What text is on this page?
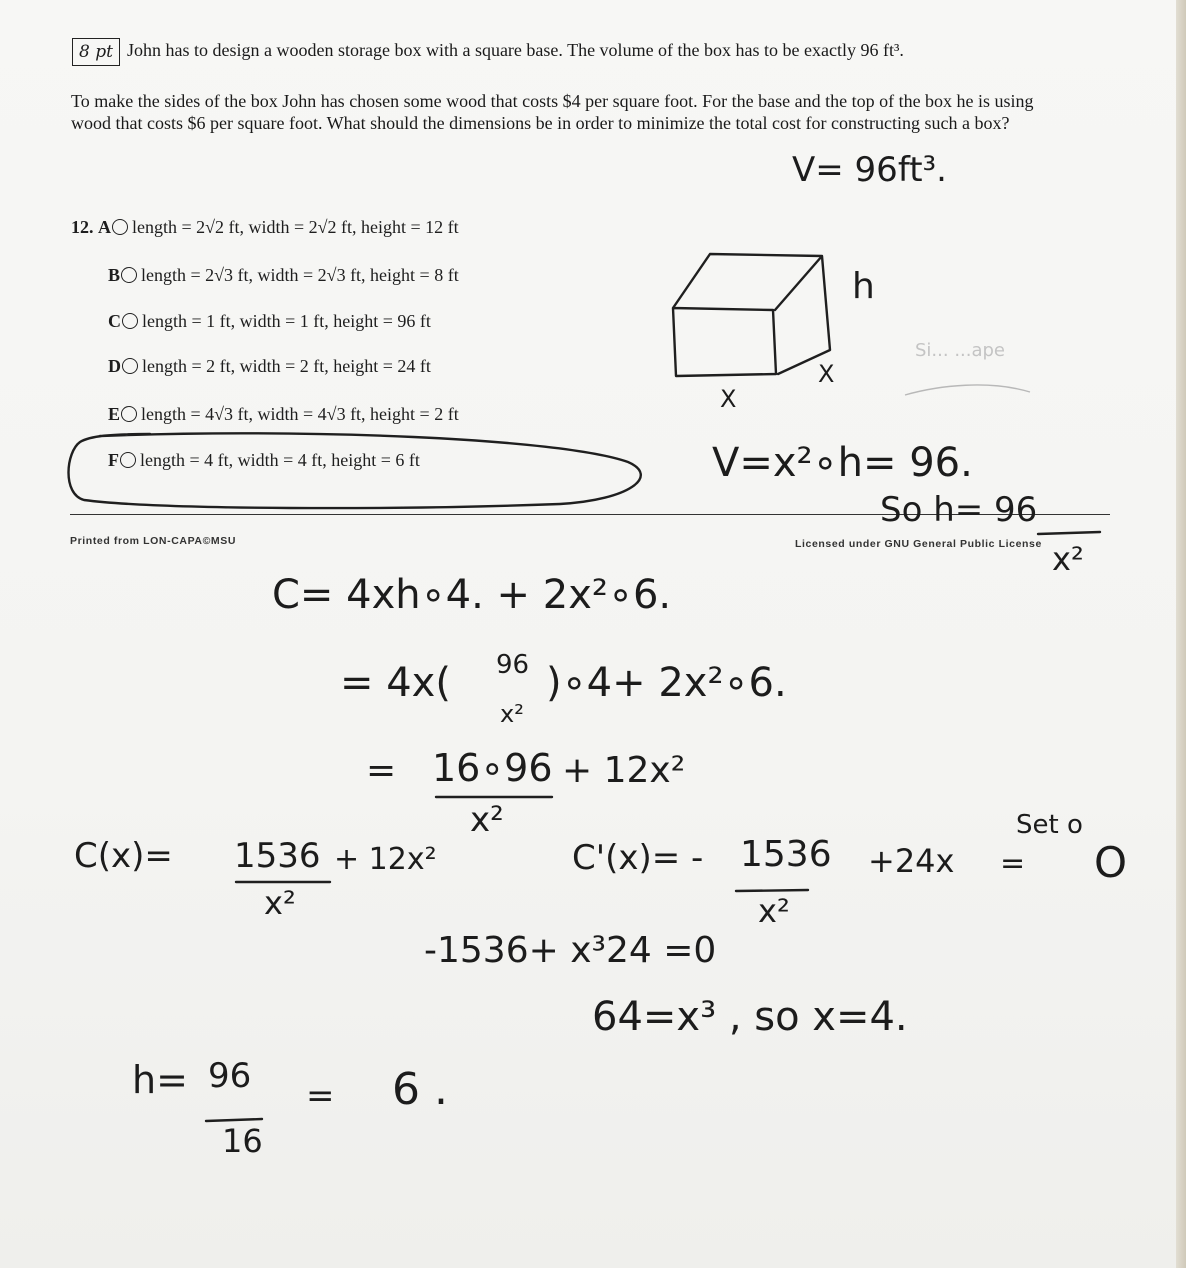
8 pt John has to design a wooden storage box with a square base. The volume of the box has to be exactly 96 ft³.
To make the sides of the box John has chosen some wood that costs $4 per square foot. For the base and the top of the box he is using wood that costs $6 per square foot. What should the dimensions be in order to minimize the total cost for constructing such a box?
12. A length = 2√2 ft, width = 2√2 ft, height = 12 ft
B length = 2√3 ft, width = 2√3 ft, height = 8 ft
C length = 1 ft, width = 1 ft, height = 96 ft
D length = 2 ft, width = 2 ft, height = 24 ft
E length = 4√3 ft, width = 4√3 ft, height = 2 ft
F length = 4 ft, width = 4 ft, height = 6 ft
Printed from LON-CAPA©MSU	Licensed under GNU General Public License
V= 96ft³.
h
X
X
Si... ...ape
V=x²∘h= 96.
So h= 96
x²
C= 4xh∘4. + 2x²∘6.
= 4x( 96
x²
)∘4+ 2x²∘6.
= 16∘96 + 12x²
x²
C(x)= 1536 + 12x²
x²
C'(x)= - 1536 +24x
x²
Set o
= O
-1536+ x³24 =0
64=x³ , so x=4.
h= 96
16
= 6 .
